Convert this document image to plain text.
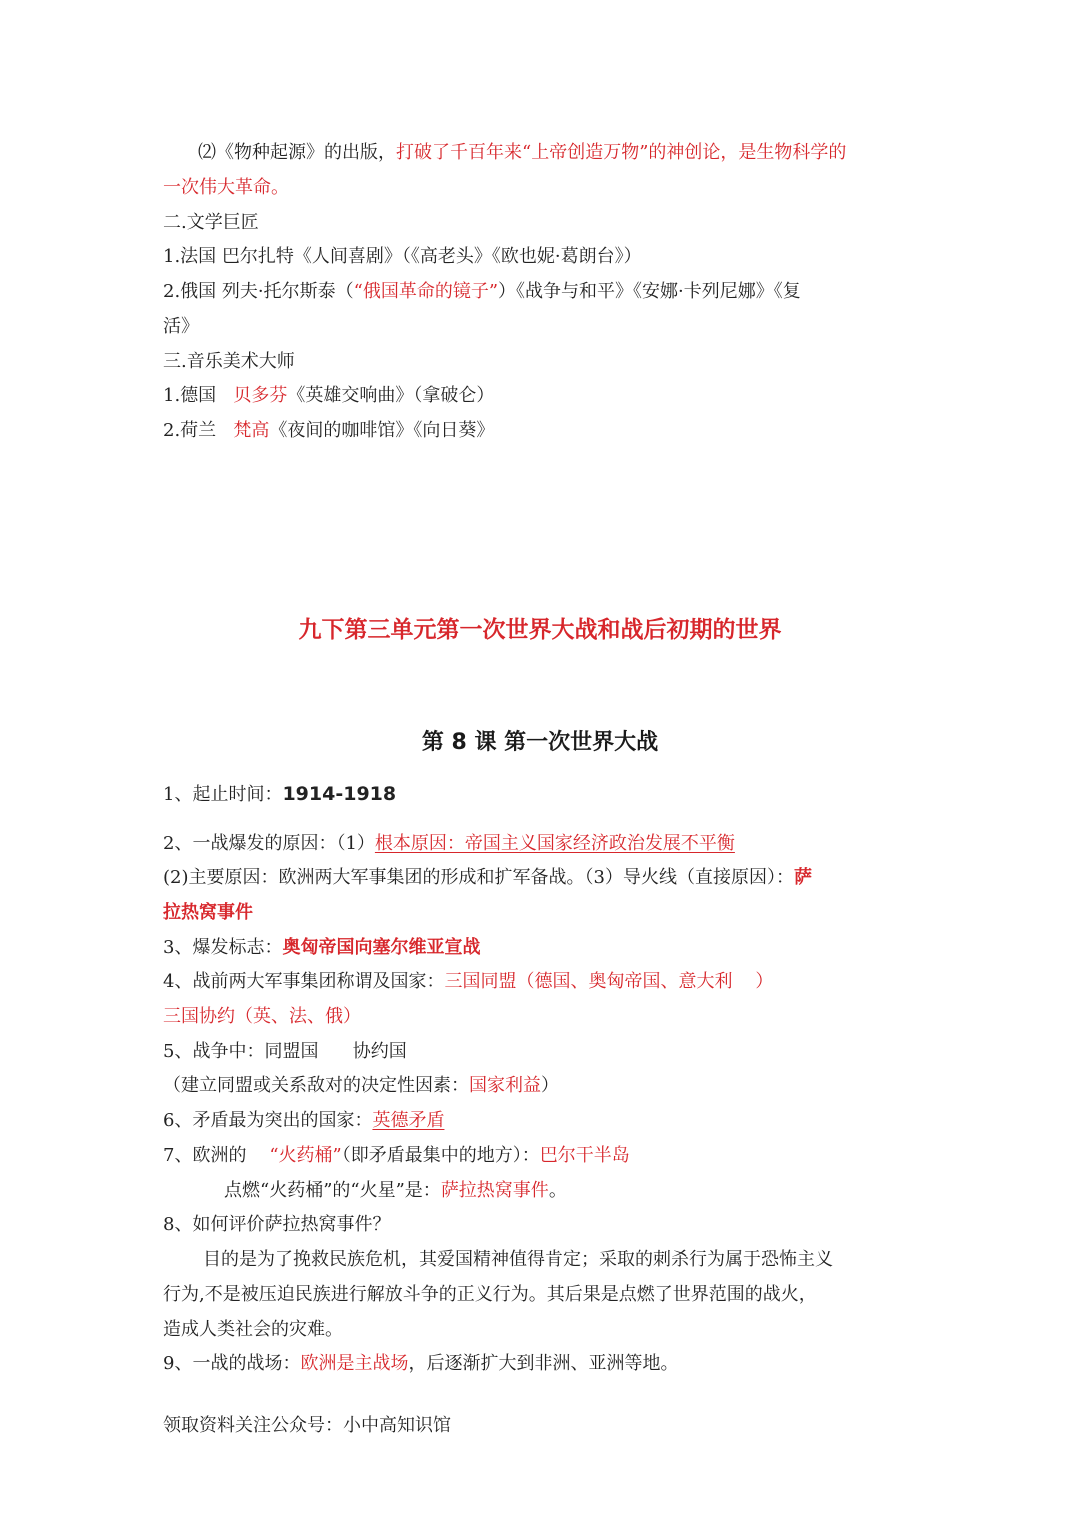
⑵《物种起源》的出版，打破了千百年来“上帝创造万物”的神创论，是生物科学的
一次伟大革命。
二.文学巨匠
1.法国 巴尔扎特《人间喜剧》（《高老头》《欧也妮·葛朗台》）
2.俄国 列夫·托尔斯泰（“俄国革命的镜子”）《战争与和平》《安娜·卡列尼娜》《复
活》
三.音乐美术大师
1.德国   贝多芬《英雄交响曲》（拿破仑）
2.荷兰   梵高《夜间的咖啡馆》《向日葵》
九下第三单元第一次世界大战和战后初期的世界
第 8 课 第一次世界大战
1、起止时间：1914-1918
2、一战爆发的原因：（1）根本原因：帝国主义国家经济政治发展不平衡
(2)主要原因：欧洲两大军事集团的形成和扩军备战。（3）导火线（直接原因）：萨
拉热窝事件
3、爆发标志：奥匈帝国向塞尔维亚宣战
4、战前两大军事集团称谓及国家：三国同盟（德国、奥匈帝国、意大利    ）
三国协约（英、法、俄）
5、战争中：同盟国      协约国
（建立同盟或关系敌对的决定性因素：国家利益）
6、矛盾最为突出的国家：英德矛盾
7、欧洲的    “火药桶”（即矛盾最集中的地方）：巴尔干半岛
点燃“火药桶”的“火星”是：萨拉热窝事件。
8、如何评价萨拉热窝事件？
目的是为了挽救民族危机，其爱国精神值得肯定；采取的刺杀行为属于恐怖主义
行为,不是被压迫民族进行解放斗争的正义行为。其后果是点燃了世界范围的战火，
造成人类社会的灾难。
9、一战的战场：欧洲是主战场，后逐渐扩大到非洲、亚洲等地。
领取资料关注公众号：小中高知识馆
